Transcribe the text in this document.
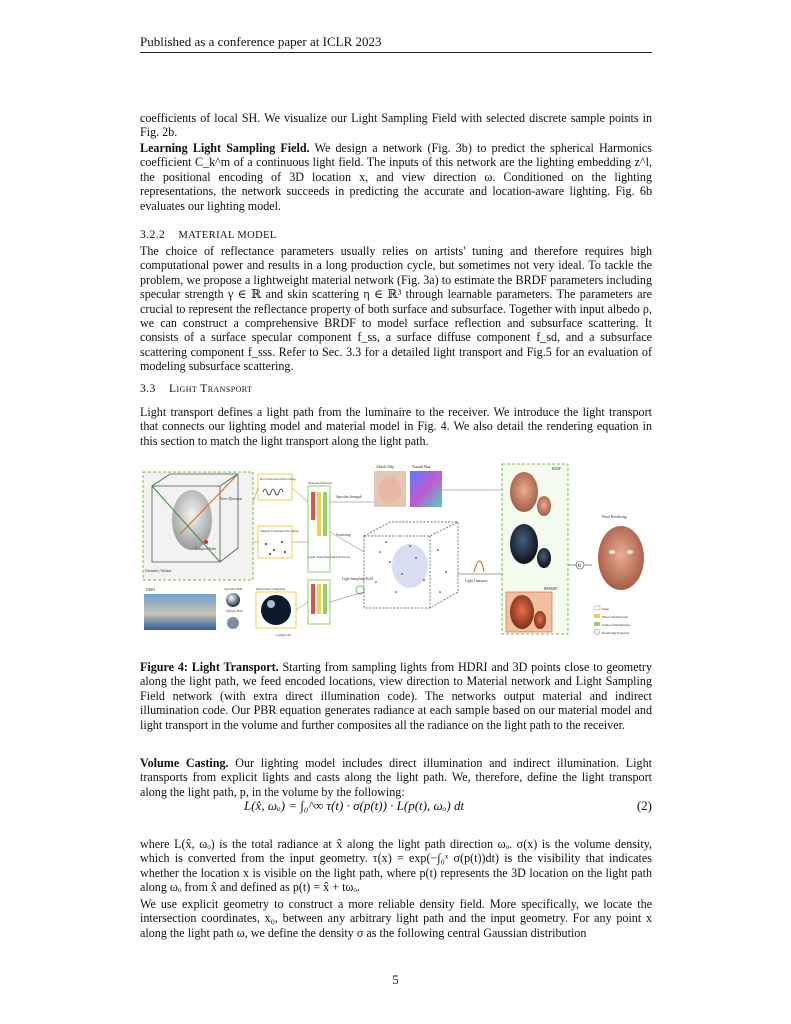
Published as a conference paper at ICLR 2023

coefficients of local SH. We visualize our Light Sampling Field with selected discrete sample points in Fig. 2b.

Learning Light Sampling Field. We design a network (Fig. 3b) to predict the spherical Harmonics coefficient C_k^m of a continuous light field. The inputs of this network are the lighting embedding z^l, the positional encoding of 3D location x, and view direction ω. Conditioned on the lighting representations, the network succeeds in predicting the accurate and location-aware lighting. Fig. 6b evaluates our lighting model.

3.2.2 MATERIAL MODEL

The choice of reflectance parameters usually relies on artists' tuning and therefore requires high computational power and results in a long production cycle, but sometimes not very ideal. To tackle the problem, we propose a lightweight material network (Fig. 3a) to estimate the BRDF parameters including specular strength γ ∈ ℝ and skin scattering η ∈ ℝ³ through learnable parameters. The parameters are crucial to represent the reflectance property of both surface and subsurface. Together with input albedo ρ, we can construct a comprehensive BRDF to model surface reflection and subsurface scattering. It consists of a surface specular component f_ss, a surface diffuse component f_sd, and a subsurface scattering component f_sss. Refer to Sec. 3.3 for a detailed light transport and Fig.5 for an evaluation of modeling subsurface scattering.

3.3 Light Transport

Light transport defines a light path from the luminaire to the receiver. We introduce the light transport that connects our lighting model and material model in Fig. 4. We also detail the rendering equation in this section to match the light transport along the light path.

Sampled Point
View Direction
Geometry Volume
Ray Directional Encoding
Sample Positional Encoding
Material Network
Specular Strength
Scattering
Light Sampling Field Network
Light Sampling Field
Albedo Map	Normal Map
Light Transport
BSDF
BSSRDF
R
Final Rendering
Input
Direct Illumination
Indirect Illumination
Rendering Equation
HDRI	Specular Ball
Diffuse Ball
Importance Sampling
Lightprobe
Figure 4: Light Transport. Starting from sampling lights from HDRI and 3D points close to geometry along the light path, we feed encoded locations, view direction to Material network and Light Sampling Field network (with extra direct illumination code). The networks output material and indirect illumination code. Our PBR equation generates radiance at each sample based on our material model and light transport in the volume and further composites all the radiance on the light path to the receiver.

Volume Casting. Our lighting model includes direct illumination and indirect illumination. Light transports from explicit lights and casts along the light path. We, therefore, define the light transport along the light path, p, in the volume by the following:

L(x̂, ωₒ) = ∫₀^∞ τ(t) · σ(p(t)) · L(p(t), ωₒ) dt	(2)

where L(x̂, ωₒ) is the total radiance at x̂ along the light path direction ωₒ. σ(x) is the volume density, which is converted from the input geometry. τ(x) = exp(−∫₀ˣ σ(p(t))dt) is the visibility that indicates whether the location x is visible on the light path, where p(t) represents the 3D location on the light path along ωₒ from x̂ and defined as p(t) = x̂ + tωₒ.

We use explicit geometry to construct a more reliable density field. More specifically, we locate the intersection coordinates, x₀, between any arbitrary light path and the input geometry. For any point x along the light path ω, we define the density σ as the following central Gaussian distribution

5
